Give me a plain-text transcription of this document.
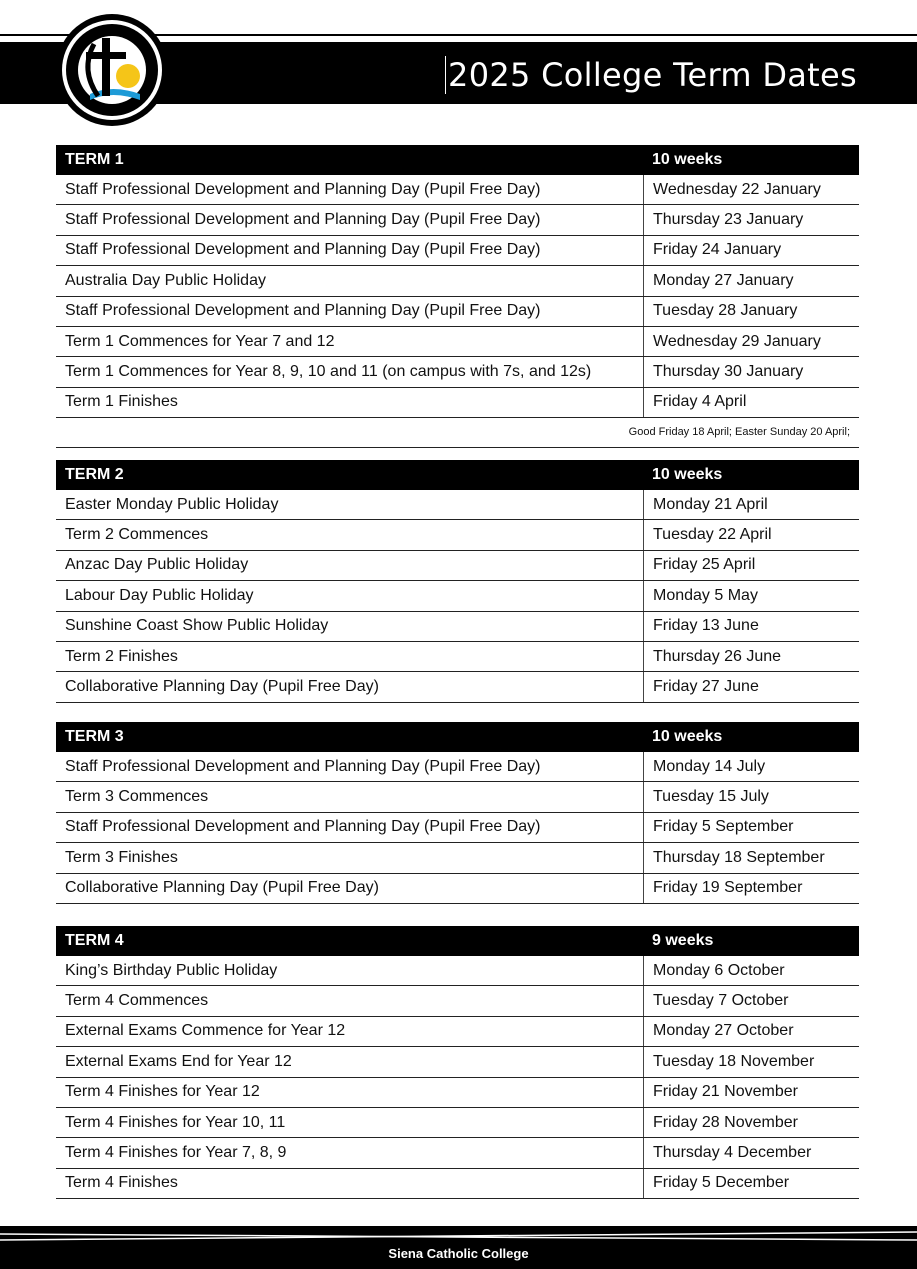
2025 College Term Dates
TERM 1	10 weeks
Staff Professional Development and Planning Day (Pupil Free Day)	Wednesday 22 January
Staff Professional Development and Planning Day (Pupil Free Day)	Thursday 23 January
Staff Professional Development and Planning Day (Pupil Free Day)	Friday 24 January
Australia Day Public Holiday	Monday 27 January
Staff Professional Development and Planning Day (Pupil Free Day)	Tuesday 28 January
Term 1 Commences for Year 7 and 12	Wednesday 29 January
Term 1 Commences for Year 8, 9, 10 and 11 (on campus with 7s, and 12s)	Thursday 30 January
Term 1 Finishes	Friday 4 April
Good Friday 18 April; Easter Sunday 20 April;
TERM 2	10 weeks
Easter Monday Public Holiday	Monday 21 April
Term 2 Commences	Tuesday 22 April
Anzac Day Public Holiday	Friday 25 April
Labour Day Public Holiday	Monday 5 May
Sunshine Coast Show Public Holiday	Friday 13 June
Term 2 Finishes	Thursday 26 June
Collaborative Planning Day (Pupil Free Day)	Friday 27 June
TERM 3	10 weeks
Staff Professional Development and Planning Day (Pupil Free Day)	Monday 14 July
Term 3 Commences	Tuesday 15 July
Staff Professional Development and Planning Day (Pupil Free Day)	Friday 5 September
Term 3 Finishes	Thursday 18 September
Collaborative Planning Day (Pupil Free Day)	Friday 19 September
TERM 4	9 weeks
King’s Birthday Public Holiday	Monday 6 October
Term 4 Commences	Tuesday 7 October
External Exams Commence for Year 12	Monday 27 October
External Exams End for Year 12	Tuesday 18 November
Term 4 Finishes for Year 12	Friday 21 November
Term 4 Finishes for Year 10, 11	Friday 28 November
Term 4 Finishes for Year 7, 8, 9	Thursday 4 December
Term 4 Finishes	Friday 5 December
Siena Catholic College
